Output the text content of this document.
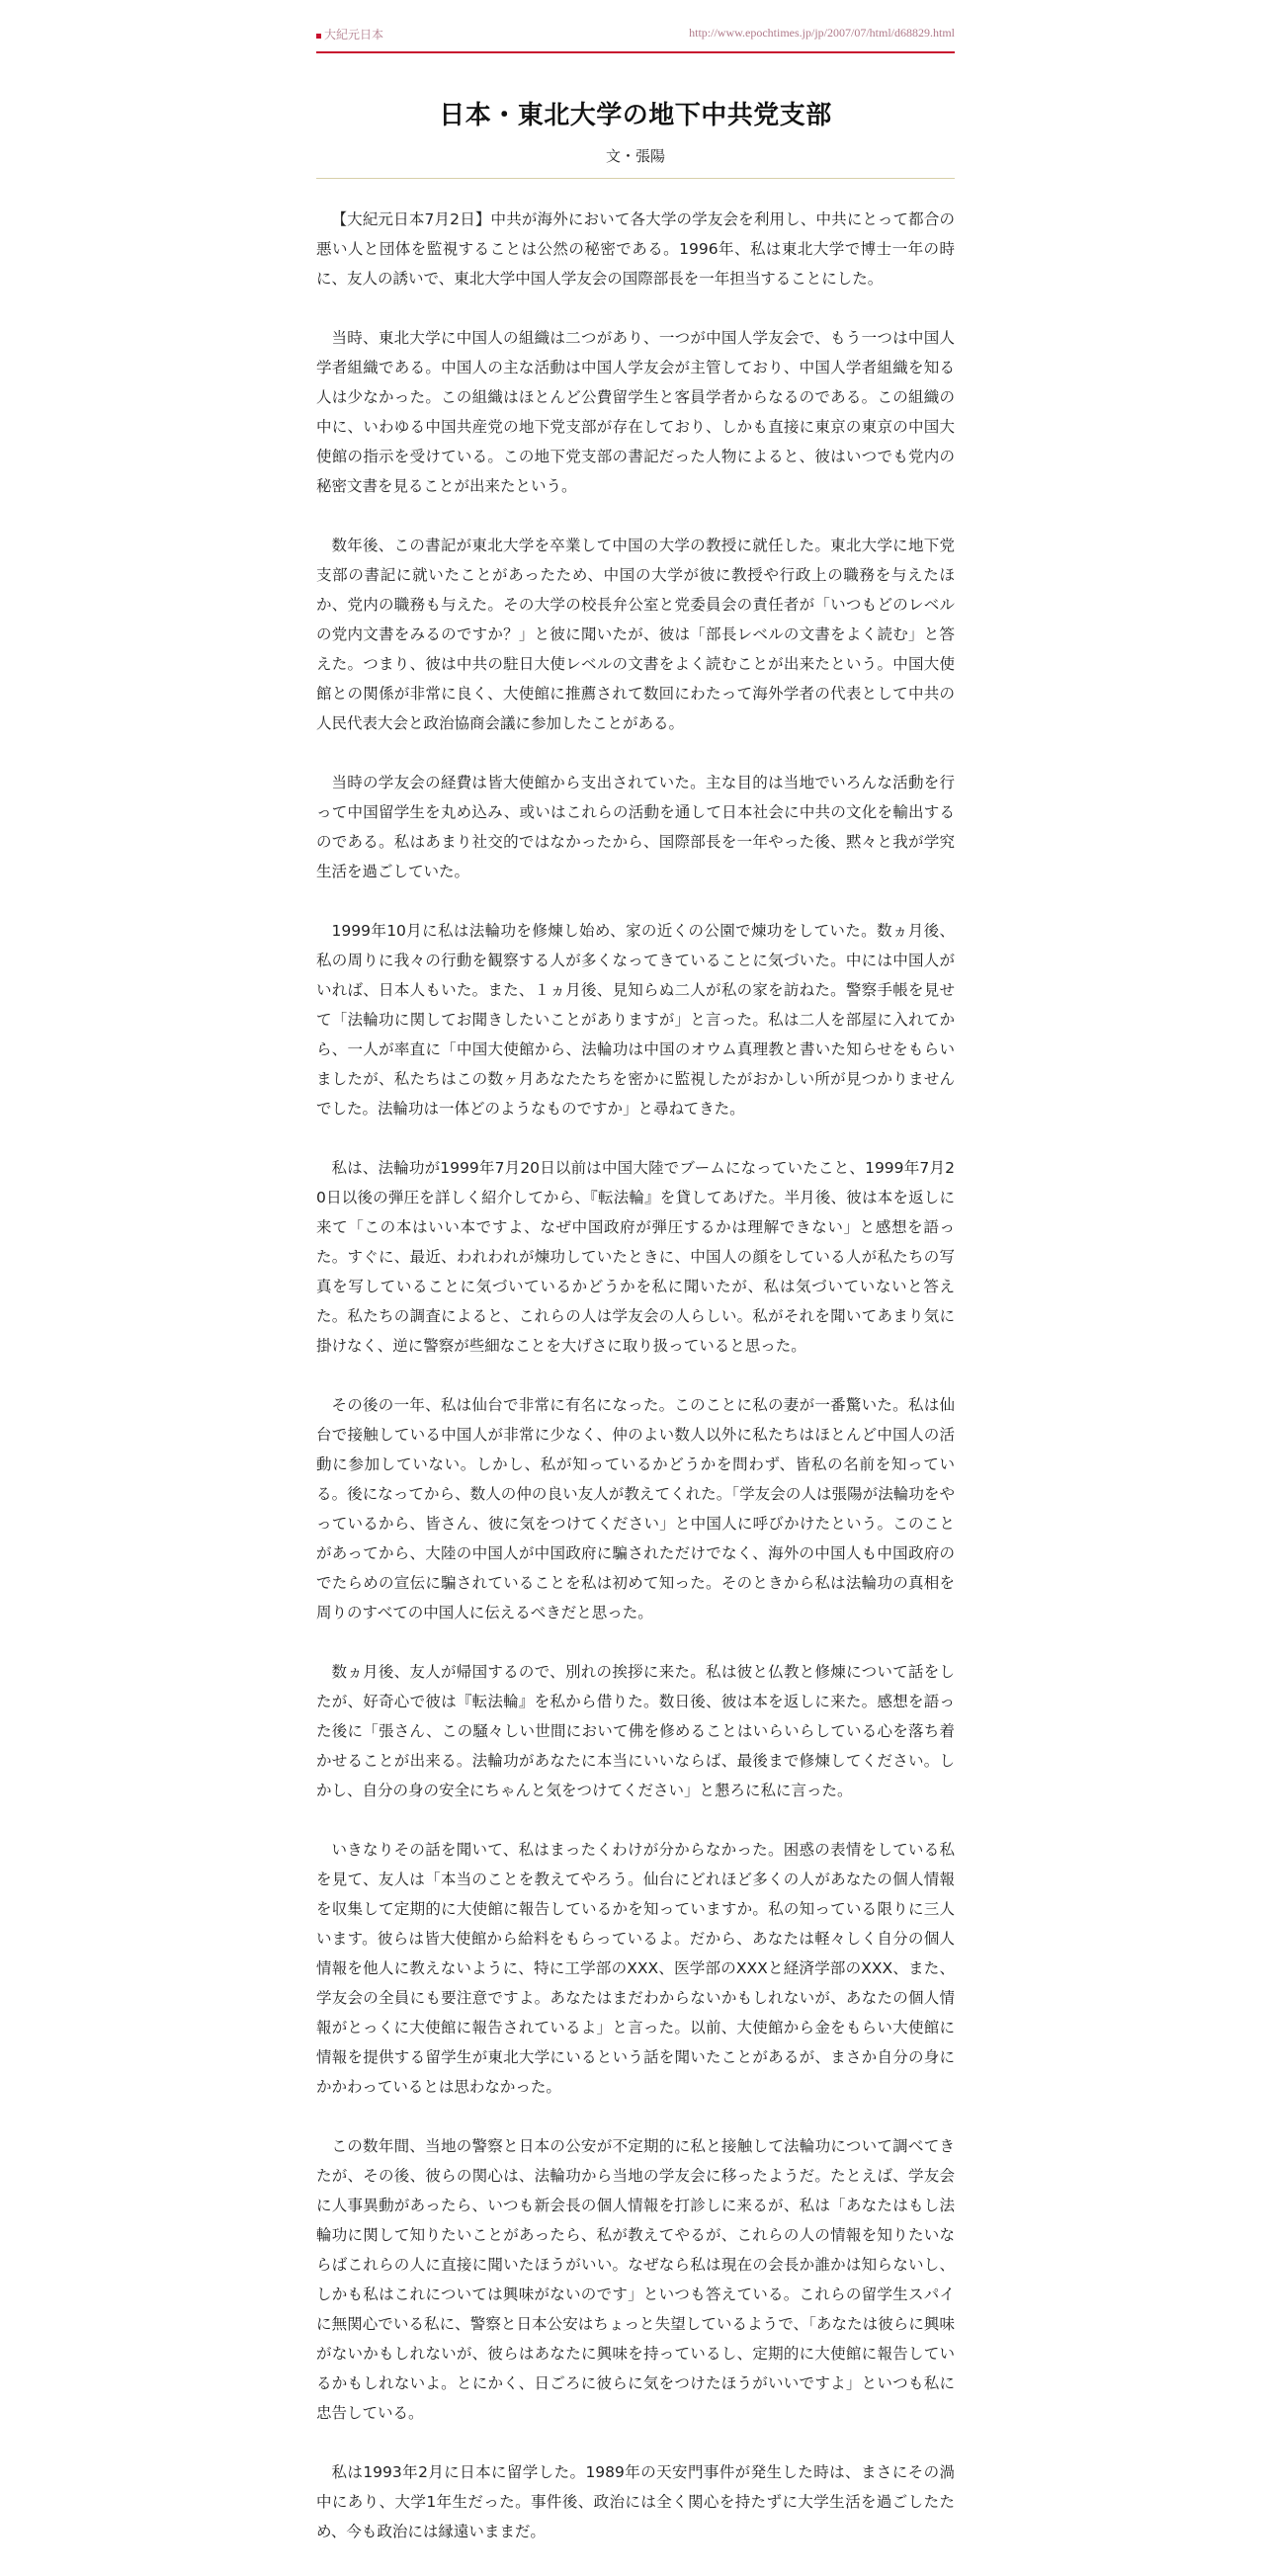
大紀元日本	http://www.epochtimes.jp/jp/2007/07/html/d68829.html
日本・東北大学の地下中共党支部
文・張陽

【大紀元日本7月2日】中共が海外において各大学の学友会を利用し、中共にとって都合の悪い人と団体を監視することは公然の秘密である。1996年、私は東北大学で博士一年の時に、友人の誘いで、東北大学中国人学友会の国際部長を一年担当することにした。

当時、東北大学に中国人の組織は二つがあり、一つが中国人学友会で、もう一つは中国人学者組織である。中国人の主な活動は中国人学友会が主管しており、中国人学者組織を知る人は少なかった。この組織はほとんど公費留学生と客員学者からなるのである。この組織の中に、いわゆる中国共産党の地下党支部が存在しており、しかも直接に東京の東京の中国大使館の指示を受けている。この地下党支部の書記だった人物によると、彼はいつでも党内の秘密文書を見ることが出来たという。

数年後、この書記が東北大学を卒業して中国の大学の教授に就任した。東北大学に地下党支部の書記に就いたことがあったため、中国の大学が彼に教授や行政上の職務を与えたほか、党内の職務も与えた。その大学の校長弁公室と党委員会の責任者が「いつもどのレベルの党内文書をみるのですか？」と彼に聞いたが、彼は「部長レベルの文書をよく読む」と答えた。つまり、彼は中共の駐日大使レベルの文書をよく読むことが出来たという。中国大使館との関係が非常に良く、大使館に推薦されて数回にわたって海外学者の代表として中共の人民代表大会と政治協商会議に参加したことがある。

当時の学友会の経費は皆大使館から支出されていた。主な目的は当地でいろんな活動を行って中国留学生を丸め込み、或いはこれらの活動を通して日本社会に中共の文化を輸出するのである。私はあまり社交的ではなかったから、国際部長を一年やった後、黙々と我が学究生活を過ごしていた。

1999年10月に私は法輪功を修煉し始め、家の近くの公園で煉功をしていた。数ヵ月後、私の周りに我々の行動を観察する人が多くなってきていることに気づいた。中には中国人がいれば、日本人もいた。また、１ヵ月後、見知らぬ二人が私の家を訪ねた。警察手帳を見せて「法輪功に関してお聞きしたいことがありますが」と言った。私は二人を部屋に入れてから、一人が率直に「中国大使館から、法輪功は中国のオウム真理教と書いた知らせをもらいましたが、私たちはこの数ヶ月あなたたちを密かに監視したがおかしい所が見つかりませんでした。法輪功は一体どのようなものですか」と尋ねてきた。

私は、法輪功が1999年7月20日以前は中国大陸でブームになっていたこと、1999年7月20日以後の弾圧を詳しく紹介してから、『転法輪』を貸してあげた。半月後、彼は本を返しに来て「この本はいい本ですよ、なぜ中国政府が弾圧するかは理解できない」と感想を語った。すぐに、最近、われわれが煉功していたときに、中国人の顔をしている人が私たちの写真を写していることに気づいているかどうかを私に聞いたが、私は気づいていないと答えた。私たちの調査によると、これらの人は学友会の人らしい。私がそれを聞いてあまり気に掛けなく、逆に警察が些細なことを大げさに取り扱っていると思った。

その後の一年、私は仙台で非常に有名になった。このことに私の妻が一番驚いた。私は仙台で接触している中国人が非常に少なく、仲のよい数人以外に私たちはほとんど中国人の活動に参加していない。しかし、私が知っているかどうかを問わず、皆私の名前を知っている。後になってから、数人の仲の良い友人が教えてくれた。「学友会の人は張陽が法輪功をやっているから、皆さん、彼に気をつけてください」と中国人に呼びかけたという。このことがあってから、大陸の中国人が中国政府に騙されただけでなく、海外の中国人も中国政府のでたらめの宣伝に騙されていることを私は初めて知った。そのときから私は法輪功の真相を周りのすべての中国人に伝えるべきだと思った。

数ヵ月後、友人が帰国するので、別れの挨拶に来た。私は彼と仏教と修煉について話をしたが、好奇心で彼は『転法輪』を私から借りた。数日後、彼は本を返しに来た。感想を語った後に「張さん、この騒々しい世間において佛を修めることはいらいらしている心を落ち着かせることが出来る。法輪功があなたに本当にいいならば、最後まで修煉してください。しかし、自分の身の安全にちゃんと気をつけてください」と懇ろに私に言った。

いきなりその話を聞いて、私はまったくわけが分からなかった。困惑の表情をしている私を見て、友人は「本当のことを教えてやろう。仙台にどれほど多くの人があなたの個人情報を収集して定期的に大使館に報告しているかを知っていますか。私の知っている限りに三人います。彼らは皆大使館から給料をもらっているよ。だから、あなたは軽々しく自分の個人情報を他人に教えないように、特に工学部のXXX、医学部のXXXと経済学部のXXX、また、学友会の全員にも要注意ですよ。あなたはまだわからないかもしれないが、あなたの個人情報がとっくに大使館に報告されているよ」と言った。以前、大使館から金をもらい大使館に情報を提供する留学生が東北大学にいるという話を聞いたことがあるが、まさか自分の身にかかわっているとは思わなかった。

この数年間、当地の警察と日本の公安が不定期的に私と接触して法輪功について調べてきたが、その後、彼らの関心は、法輪功から当地の学友会に移ったようだ。たとえば、学友会に人事異動があったら、いつも新会長の個人情報を打診しに来るが、私は「あなたはもし法輪功に関して知りたいことがあったら、私が教えてやるが、これらの人の情報を知りたいならばこれらの人に直接に聞いたほうがいい。なぜなら私は現在の会長か誰かは知らないし、しかも私はこれについては興味がないのです」といつも答えている。これらの留学生スパイに無関心でいる私に、警察と日本公安はちょっと失望しているようで、「あなたは彼らに興味がないかもしれないが、彼らはあなたに興味を持っているし、定期的に大使館に報告しているかもしれないよ。とにかく、日ごろに彼らに気をつけたほうがいいですよ」といつも私に忠告している。

私は1993年2月に日本に留学した。1989年の天安門事件が発生した時は、まさにその渦中にあり、大学1年生だった。事件後、政治には全く関心を持たずに大学生活を過ごしたため、今も政治には縁遠いままだ。
